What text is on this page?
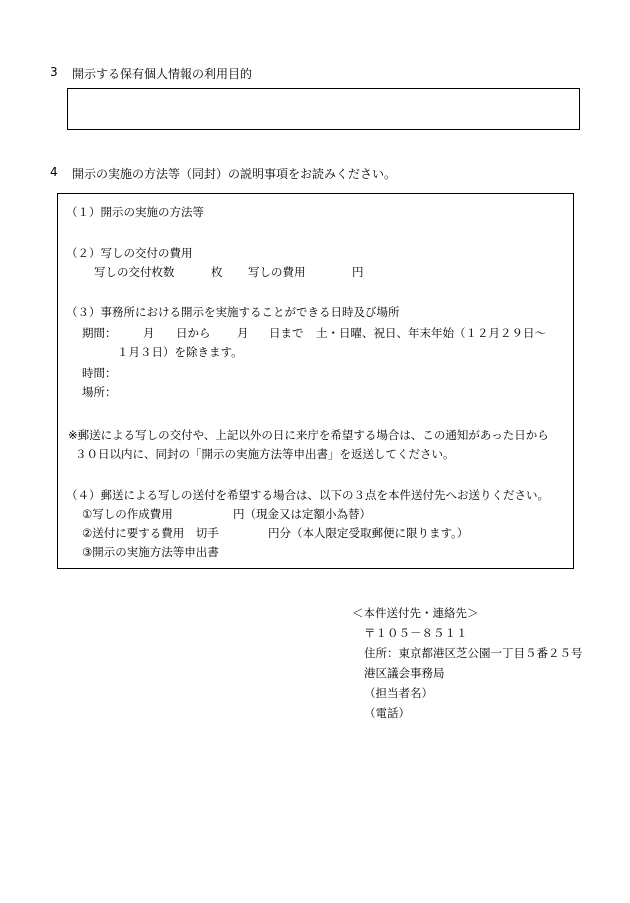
3 開示する保有個人情報の利用目的
4 開示の実施の方法等（同封）の説明事項をお読みください。
（１）開示の実施の方法等
（２）写しの交付の費用
写しの交付枚数	枚 写しの費用	円
（３）事務所における開示を実施することができる日時及び場所
期間： 月 日から 月 日まで 土・日曜、祝日、年末年始（１２月２９日～
１月３日）を除きます。
時間：
場所：
※郵送による写しの交付や、上記以外の日に来庁を希望する場合は、この通知があった日から
３０日以内に、同封の「開示の実施方法等申出書」を返送してください。
（４）郵送による写しの送付を希望する場合は、以下の３点を本件送付先へお送りください。
①写しの作成費用	円（現金又は定額小為替）
②送付に要する費用　切手	円分（本人限定受取郵便に限ります。）
③開示の実施方法等申出書
＜本件送付先・連絡先＞
〒１０５－８５１１
住所：東京都港区芝公園一丁目５番２５号
港区議会事務局
（担当者名）
（電話）
